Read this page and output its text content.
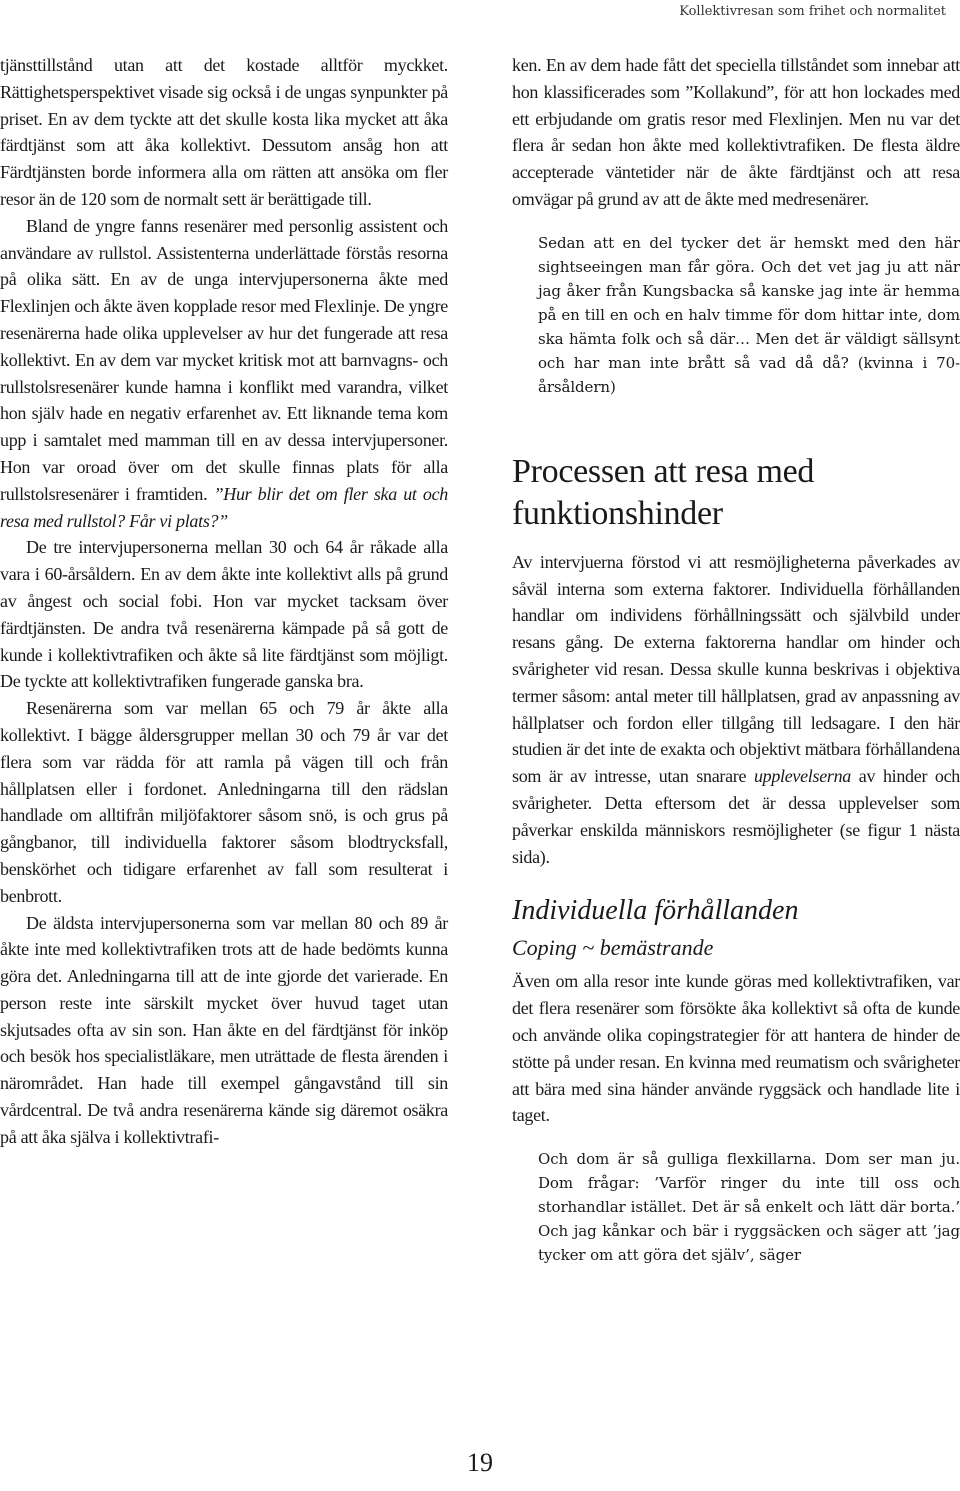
Kollektivresan som frihet och normalitet

tjänsttillstånd utan att det kostade alltför myckket. Rättighetsperspektivet visade sig också i de ungas synpunkter på priset. En av dem tyckte att det skulle kosta lika mycket att åka färdtjänst som att åka kollektivt. Dessutom ansåg hon att Färdtjänsten borde informera alla om rätten att ansöka om fler resor än de 120 som de normalt sett är berättigade till.

Bland de yngre fanns resenärer med personlig assistent och användare av rullstol. Assistenterna underlättade förstås resorna på olika sätt. En av de unga intervjupersonerna åkte med Flexlinjen och åkte även kopplade resor med Flexlinje. De yngre resenärerna hade olika upplevelser av hur det fungerade att resa kollektivt. En av dem var mycket kritisk mot att barnvagns- och rullstolsresenärer kunde hamna i konflikt med varandra, vilket hon själv hade en negativ erfarenhet av. Ett liknande tema kom upp i samtalet med mamman till en av dessa intervjupersoner. Hon var oroad över om det skulle finnas plats för alla rullstolsresenärer i framtiden. ”Hur blir det om fler ska ut och resa med rullstol? Får vi plats?”

De tre intervjupersonerna mellan 30 och 64 år råkade alla vara i 60-årsåldern. En av dem åkte inte kollektivt alls på grund av ångest och social fobi. Hon var mycket tacksam över färdtjänsten. De andra två resenärerna kämpade på så gott de kunde i kollektivtrafiken och åkte så lite färdtjänst som möjligt. De tyckte att kollektivtrafiken fungerade ganska bra.

Resenärerna som var mellan 65 och 79 år åkte alla kollektivt. I bägge åldersgrupper mellan 30 och 79 år var det flera som var rädda för att ramla på vägen till och från hållplatsen eller i fordonet. Anledningarna till den rädslan handlade om alltifrån miljöfaktorer såsom snö, is och grus på gångbanor, till individuella faktorer såsom blodtrycksfall, benskörhet och tidigare erfarenhet av fall som resulterat i benbrott.

De äldsta intervjupersonerna som var mellan 80 och 89 år åkte inte med kollektivtrafiken trots att de hade bedömts kunna göra det. Anledningarna till att de inte gjorde det varierade. En person reste inte särskilt mycket över huvud taget utan skjutsades ofta av sin son. Han åkte en del färdtjänst för inköp och besök hos specialistläkare, men uträttade de flesta ärenden i närområdet. Han hade till exempel gångavstånd till sin vårdcentral. De två andra resenärerna kände sig däremot osäkra på att åka själva i kollektivtrafi-

ken. En av dem hade fått det speciella tillståndet som innebar att hon klassificerades som ”Kollakund”, för att hon lockades med ett erbjudande om gratis resor med Flexlinjen. Men nu var det flera år sedan hon åkte med kollektivtrafiken. De flesta äldre accepterade väntetider när de åkte färdtjänst och att resa omvägar på grund av att de åkte med medresenärer.

Sedan att en del tycker det är hemskt med den här sightseeingen man får göra. Och det vet jag ju att när jag åker från Kungsbacka så kanske jag inte är hemma på en till en och en halv timme för dom hittar inte, dom ska hämta folk och så där… Men det är väldigt sällsynt och har man inte brått så vad då då? (kvinna i 70-årsåldern)

Processen att resa med funktionshinder

Av intervjuerna förstod vi att resmöjligheterna påverkades av såväl interna som externa faktorer. Individuella förhållanden handlar om individens förhållningssätt och självbild under resans gång. De externa faktorerna handlar om hinder och svårigheter vid resan. Dessa skulle kunna beskrivas i objektiva termer såsom: antal meter till hållplatsen, grad av anpassning av hållplatser och fordon eller tillgång till ledsagare. I den här studien är det inte de exakta och objektivt mätbara förhållandena som är av intresse, utan snarare upplevelserna av hinder och svårigheter. Detta eftersom det är dessa upplevelser som påverkar enskilda människors resmöjligheter (se figur 1 nästa sida).

Individuella förhållanden
Coping ~ bemästrande

Även om alla resor inte kunde göras med kollektivtrafiken, var det flera resenärer som försökte åka kollektivt så ofta de kunde och använde olika copingstrategier för att hantera de hinder de stötte på under resan. En kvinna med reumatism och svårigheter att bära med sina händer använde ryggsäck och handlade lite i taget.

Och dom är så gulliga flexkillarna. Dom ser man ju. Dom frågar: ’Varför ringer du inte till oss och storhandlar istället. Det är så enkelt och lätt där borta.’ Och jag kånkar och bär i ryggsäcken och säger att ’jag tycker om att göra det själv’, säger

19
